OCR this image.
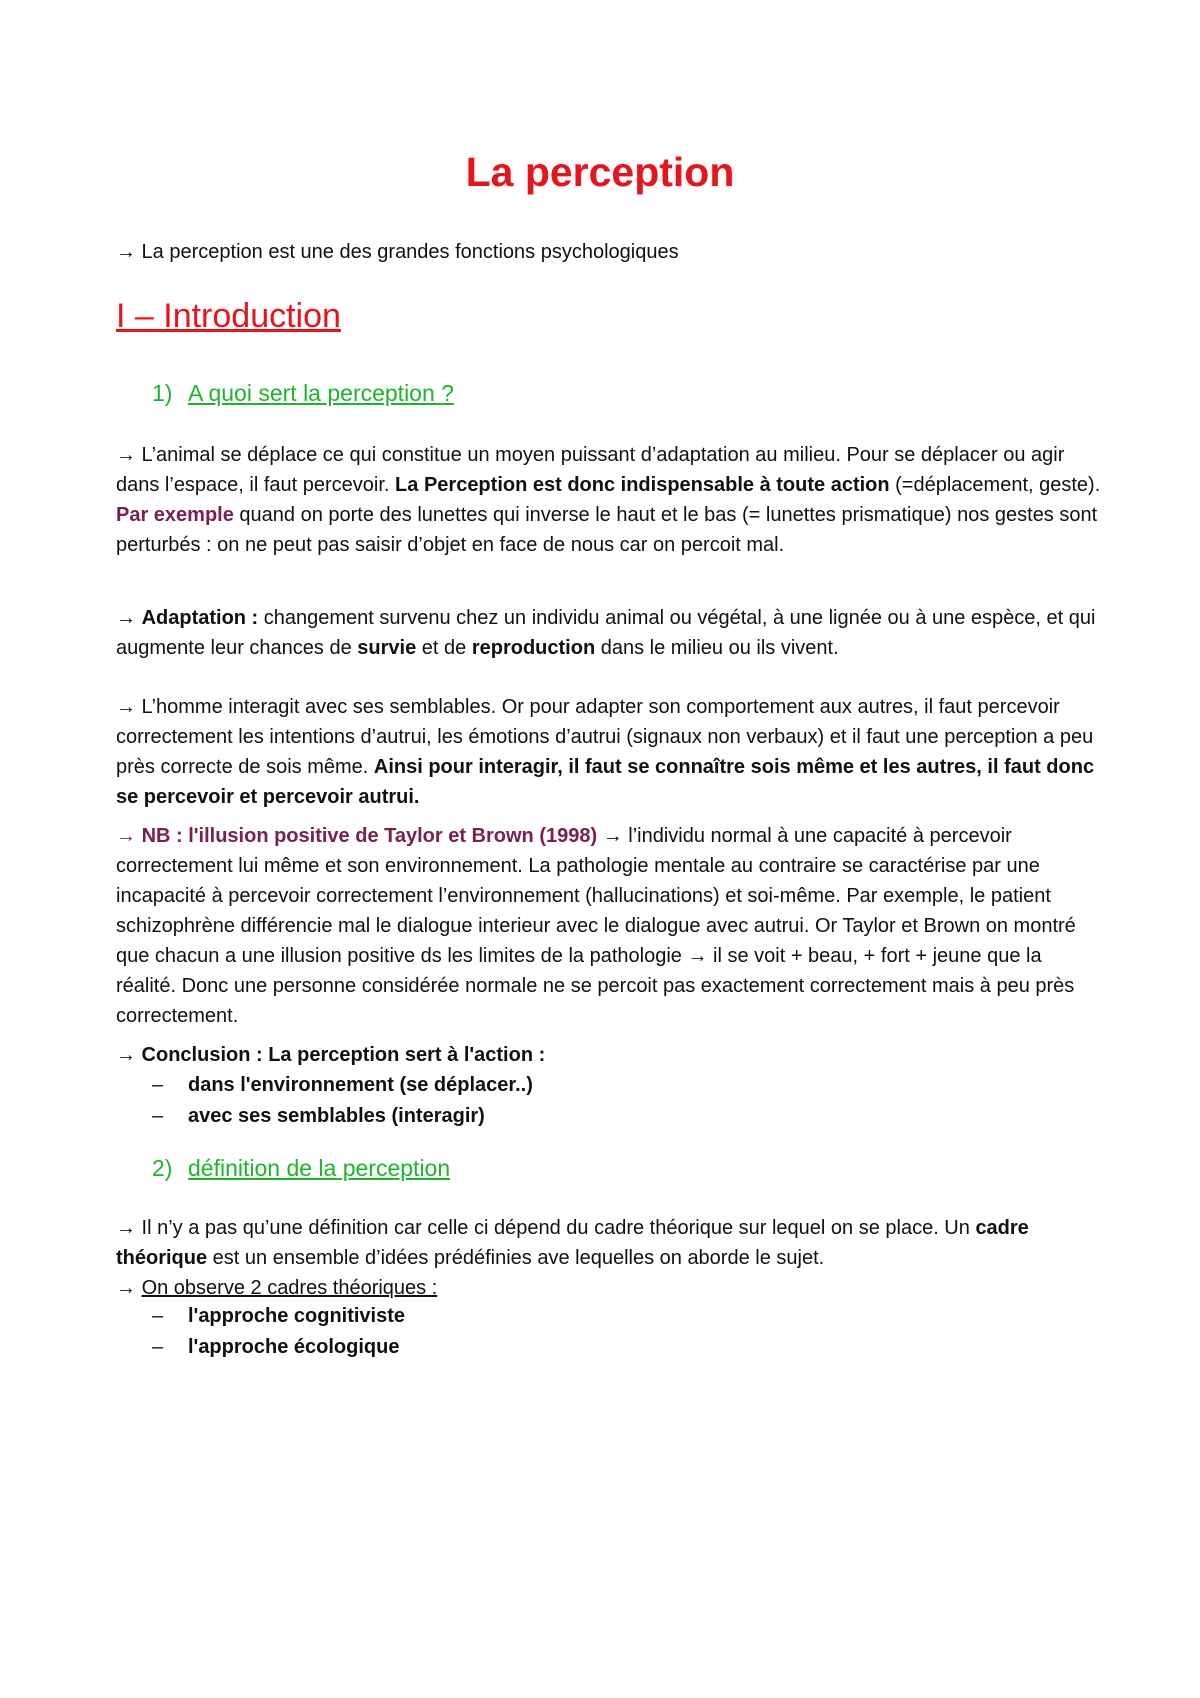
La perception

→ La perception est une des grandes fonctions psychologiques

I – Introduction
1) A quoi sert la perception ?

→ L’animal se déplace ce qui constitue un moyen puissant d’adaptation au milieu. Pour se déplacer ou agir dans l’espace, il faut percevoir. La Perception est donc indispensable à toute action (=déplacement, geste).
Par exemple quand on porte des lunettes qui inverse le haut et le bas (= lunettes prismatique) nos gestes sont perturbés : on ne peut pas saisir d’objet en face de nous car on percoit mal.

→ Adaptation : changement survenu chez un individu animal ou végétal, à une lignée ou à une espèce, et qui augmente leur chances de survie et de reproduction dans le milieu ou ils vivent.

→ L’homme interagit avec ses semblables. Or pour adapter son comportement aux autres, il faut percevoir correctement les intentions d’autrui, les émotions d’autrui (signaux non verbaux) et il faut une perception a peu près correcte de sois même. Ainsi pour interagir, il faut se connaître sois même et les autres, il faut donc se percevoir et percevoir autrui.

→ NB : l'illusion positive de Taylor et Brown (1998) → l’individu normal à une capacité à percevoir correctement lui même et son environnement. La pathologie mentale au contraire se caractérise par une incapacité à percevoir correctement l’environnement (hallucinations) et soi-même. Par exemple, le patient schizophrène différencie mal le dialogue interieur avec le dialogue avec autrui. Or Taylor et Brown on montré que chacun a une illusion positive ds les limites de la pathologie → il se voit + beau, + fort + jeune que la réalité. Donc une personne considérée normale ne se percoit pas exactement correctement mais à peu près correctement.

→ Conclusion : La perception sert à l'action :

– dans l'environnement (se déplacer..)
– avec ses semblables (interagir)
2) définition de la perception

→ Il n’y a pas qu’une définition car celle ci dépend du cadre théorique sur lequel on se place. Un cadre théorique est un ensemble d’idées prédéfinies ave lequelles on aborde le sujet.
→ On observe 2 cadres théoriques :

– l'approche cognitiviste
– l'approche écologique
